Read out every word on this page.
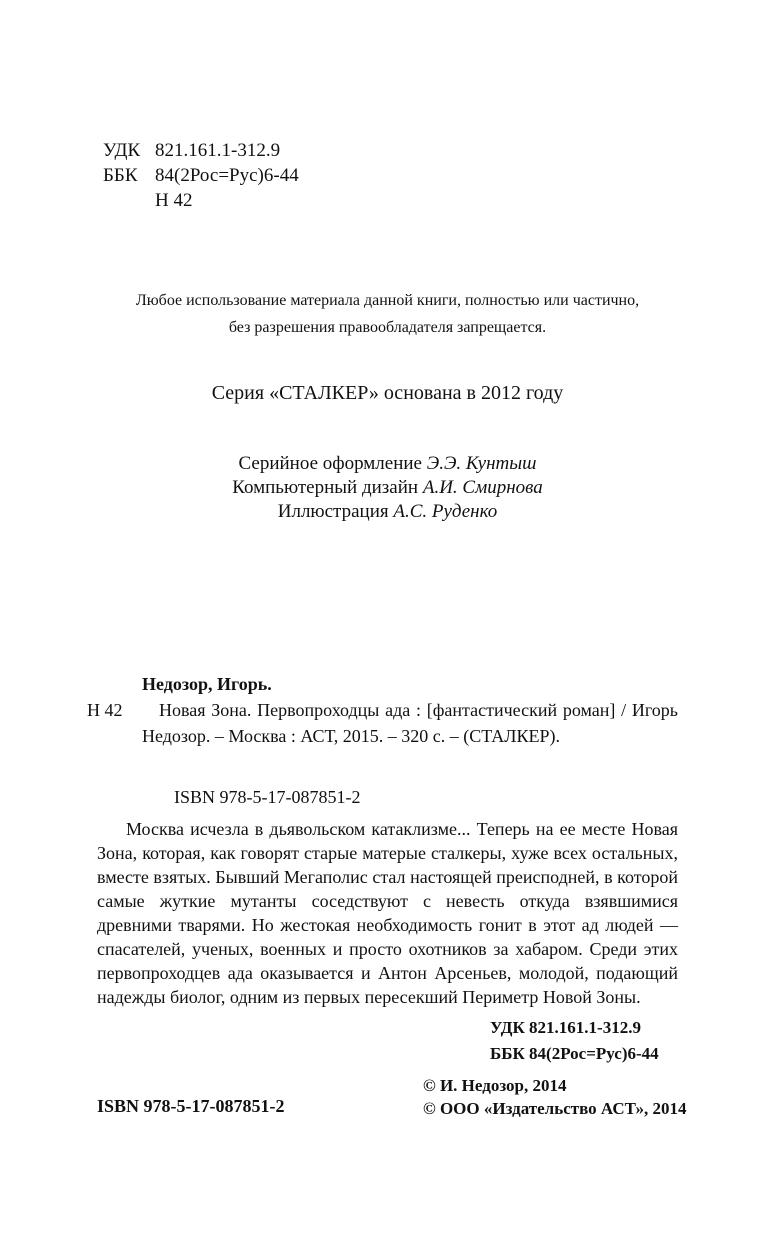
УДК 821.161.1-312.9
ББК 84(2Рос=Рус)6-44
Н 42
Любое использование материала данной книги, полностью или частично,
без разрешения правообладателя запрещается.
Серия «СТАЛКЕР» основана в 2012 году
Серийное оформление Э.Э. Кунтыш
Компьютерный дизайн А.И. Смирнова
Иллюстрация А.С. Руденко
Недозор, Игорь.
Н 42	Новая Зона. Первопроходцы ада : [фантастический роман] / Игорь Недозор. – Москва : АСТ, 2015. – 320 с. – (СТАЛКЕР).

ISBN 978-5-17-087851-2

Москва исчезла в дьявольском катаклизме... Теперь на ее месте Новая Зона, которая, как говорят старые матерые сталкеры, хуже всех остальных, вместе взятых. Бывший Мегаполис стал настоящей преисподней, в которой самые жуткие мутанты соседствуют с невесть откуда взявшимися древними тварями. Но жестокая необходимость гонит в этот ад людей — спасателей, ученых, военных и просто охотников за хабаром. Среди этих первопроходцев ада оказывается и Антон Арсеньев, молодой, подающий надежды биолог, одним из первых пересекший Периметр Новой Зоны.

УДК 821.161.1-312.9
ББК 84(2Рос=Рус)6-44
© И. Недозор, 2014
© ООО «Издательство АСТ», 2014
ISBN 978-5-17-087851-2
